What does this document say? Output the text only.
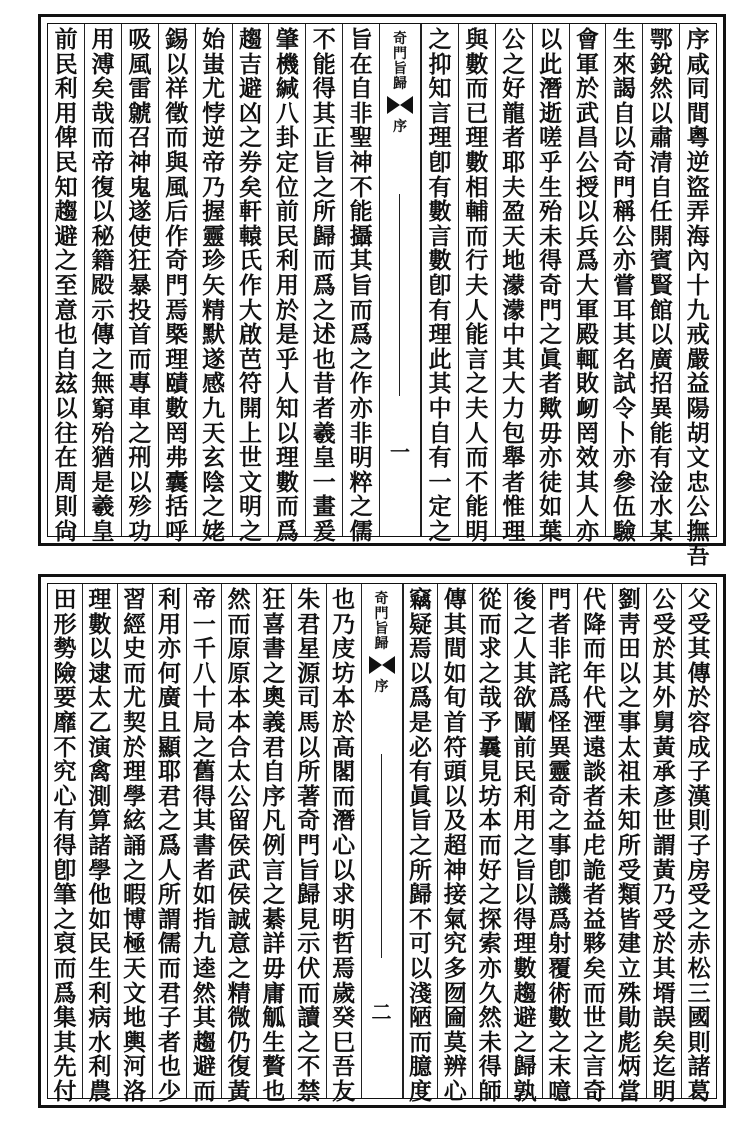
序
咸
同
間
粵
逆
盜
弄
海
內
十
九
戒
嚴
益
陽
胡
文
忠
公
撫
吾
鄂
銳
然
以
肅
清
自
任
開
賓
賢
館
以
廣
招
異
能
有
淦
水
某
生
來
謁
自
以
奇
門
稱
公
亦
嘗
耳
其
名
試
令
卜
亦
參
伍
驗
會
軍
於
武
昌
公
授
以
兵
爲
大
軍
殿
輒
敗
衂
罔
效
其
人
亦
以
此
潛
逝
嗟
乎
生
殆
未
得
奇
門
之
眞
者
歟
毋
亦
徒
如
葉
公
之
好
龍
者
耶
夫
盈
天
地
濛
濛
中
其
大
力
包
舉
者
惟
理
與
數
而
已
理
數
相
輔
而
行
夫
人
能
言
之
夫
人
而
不
能
明
之
抑
知
言
理
卽
有
數
言
數
卽
有
理
此
其
中
自
有
一
定
之
奇
門
旨
歸
序
一
旨
在
自
非
聖
神
不
能
攝
其
旨
而
爲
之
作
亦
非
明
粹
之
儒
不
能
得
其
正
旨
之
所
歸
而
爲
之
述
也
昔
者
羲
皇
一
畫
爰
肇
機
緘
八
卦
定
位
前
民
利
用
於
是
乎
人
知
以
理
數
而
爲
趨
吉
避
凶
之
券
矣
軒
轅
氏
作
大
啟
芭
符
開
上
世
文
明
之
始
蚩
尤
悖
逆
帝
乃
握
靈
珍
矢
精
默
遂
感
九
天
玄
陰
之
姥
錫
以
祥
徵
而
與
風
后
作
奇
門
焉
槩
理
賾
數
罔
弗
囊
括
呼
吸
風
雷
虩
召
神
鬼
遂
使
狂
暴
投
首
而
專
車
之
𠛬
以
殄
功
用
溥
矣
哉
而
帝
復
以
秘
籍
𣪍
示
傳
之
無
窮
殆
猶
是
羲
皇
前
民
利
用
俾
民
知
趨
避
之
至
意
也
自
玆
以
往
在
周
則
尙
父
受
其
傳
於
容
成
子
漢
則
子
房
受
之
赤
松
三
國
則
諸
葛
公
受
於
其
外
舅
黃
承
彥
世
謂
黃
乃
受
於
其
壻
誤
矣
迄
明
劉
靑
田
以
之
事
太
祖
未
知
所
受
類
皆
建
立
殊
勛
彪
炳
當
代
降
而
年
代
湮
遠
談
者
益
虍
詭
者
益
夥
矣
而
世
之
言
奇
門
者
非
詫
爲
怪
異
靈
奇
之
事
卽
譏
爲
射
覆
術
數
之
末
噫
後
之
人
其
欲
闡
前
民
利
用
之
旨
以
得
理
數
趨
避
之
歸
孰
從
而
求
之
哉
予
曩
見
坊
本
而
好
之
探
索
亦
久
然
未
得
師
傳
其
間
如
旬
首
符
頭
以
及
超
神
接
氣
究
多
囫
圇
莫
辨
心
竊
疑
焉
以
爲
是
必
有
眞
旨
之
所
歸
不
可
以
淺
陋
而
臆
度
奇
門
旨
歸
序
二
也
乃
庋
坊
本
於
高
閣
而
潛
心
以
求
明
哲
焉
歲
癸
巳
吾
友
朱
君
星
源
司
馬
以
所
著
奇
門
旨
歸
見
示
伏
而
讀
之
不
禁
狂
喜
書
之
奧
義
君
自
序
凡
例
言
之
綦
詳
毋
庸
觚
生
贅
也
然
而
原
原
本
本
合
太
公
留
侯
武
侯
誠
意
之
精
微
仍
復
黃
帝
一
千
八
十
局
之
舊
得
其
書
者
如
指
九
逵
然
其
趨
避
而
利
用
亦
何
廣
且
顯
耶
君
之
爲
人
所
謂
儒
而
君
子
者
也
少
習
經
史
而
尤
契
於
理
學
絃
誦
之
暇
博
極
天
文
地
輿
河
洛
理
數
以
逮
太
乙
演
禽
測
算
諸
學
他
如
民
生
利
病
水
利
農
田
形
勢
險
要
靡
不
究
心
有
得
卽
筆
之
裒
而
爲
集
其
先
付
